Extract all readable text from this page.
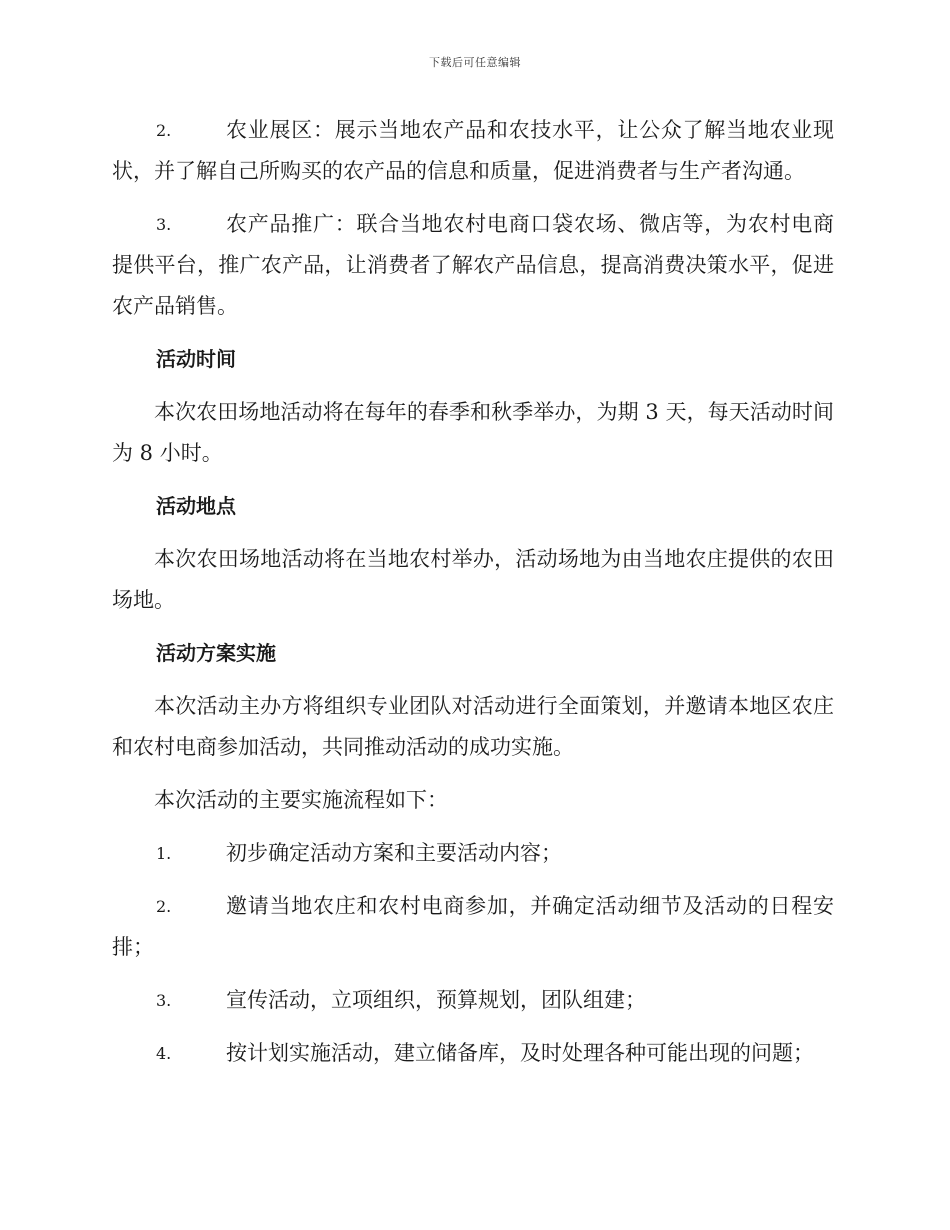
下载后可任意编辑
2.	农业展区：展示当地农产品和农技水平，让公众了解当地农业现状，并了解自己所购买的农产品的信息和质量，促进消费者与生产者沟通。
3.	农产品推广：联合当地农村电商口袋农场、微店等，为农村电商提供平台，推广农产品，让消费者了解农产品信息，提高消费决策水平，促进农产品销售。
活动时间

本次农田场地活动将在每年的春季和秋季举办，为期 3 天，每天活动时间为 8 小时。

活动地点

本次农田场地活动将在当地农村举办，活动场地为由当地农庄提供的农田场地。

活动方案实施

本次活动主办方将组织专业团队对活动进行全面策划，并邀请本地区农庄和农村电商参加活动，共同推动活动的成功实施。

本次活动的主要实施流程如下：

1.	初步确定活动方案和主要活动内容；
2.	邀请当地农庄和农村电商参加，并确定活动细节及活动的日程安排；
3.	宣传活动，立项组织，预算规划，团队组建；
4.	按计划实施活动，建立储备库，及时处理各种可能出现的问题；
